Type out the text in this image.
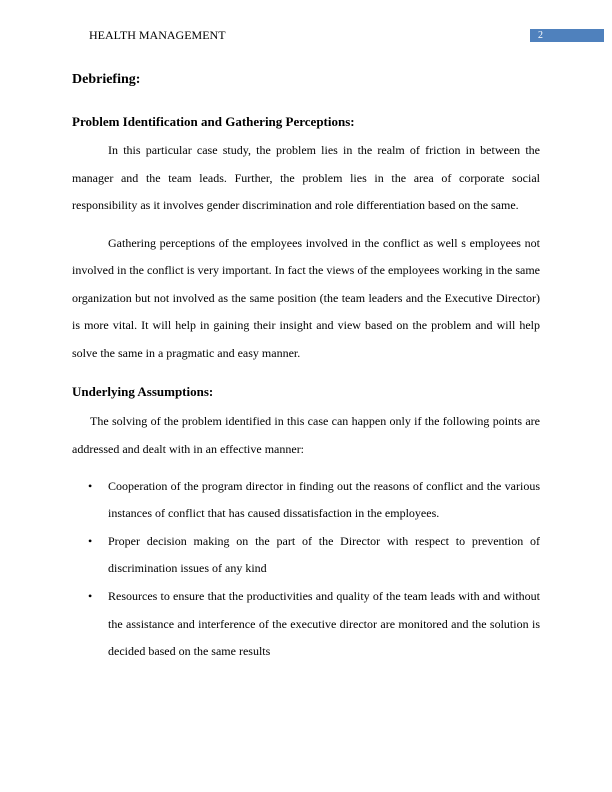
HEALTH MANAGEMENT	2
Debriefing:
Problem Identification and Gathering Perceptions:
In this particular case study, the problem lies in the realm of friction in between the
manager and the team leads. Further, the problem lies in the area of corporate social
responsibility as it involves gender discrimination and role differentiation based on the same.
Gathering perceptions of the employees involved in the conflict as well s employees not
involved in the conflict is very important. In fact the views of the employees working in the same
organization but not involved as the same position (the team leaders and the Executive Director)
is more vital. It will help in gaining their insight and view based on the problem and will help
solve the same in a pragmatic and easy manner.
Underlying Assumptions:
The solving of the problem identified in this case can happen only if the following points are
addressed and dealt with in an effective manner:
• Cooperation of the program director in finding out the reasons of conflict and the various
instances of conflict that has caused dissatisfaction in the employees.
• Proper decision making on the part of the Director with respect to prevention of
discrimination issues of any kind
• Resources to ensure that the productivities and quality of the team leads with and without
the assistance and interference of the executive director are monitored and the solution is
decided based on the same results
